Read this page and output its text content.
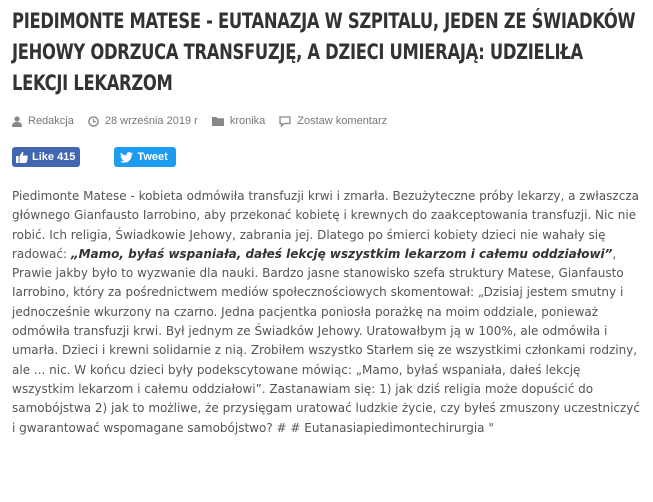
PIEDIMONTE MATESE - EUTANAZJA W SZPITALU, JEDEN ZE ŚWIADKÓW JEHOWY ODRZUCA TRANSFUZJĘ, A DZIECI UMIERAJĄ: UDZIELIŁA LEKCJI LEKARZOM
Redakcja	28 września 2019 r	kronika	Zostaw komentarz
Like 415	Tweet

Piedimonte Matese - kobieta odmówiła transfuzji krwi i zmarła. Bezużyteczne próby lekarzy, a zwłaszcza głównego Gianfausto Iarrobino, aby przekonać kobietę i krewnych do zaakceptowania transfuzji. Nic nie robić. Ich religia, Świadkowie Jehowy, zabrania jej. Dlatego po śmierci kobiety dzieci nie wahały się radować: „Mamo, byłaś wspaniała, dałeś lekcję wszystkim lekarzom i całemu oddziałowi”, Prawie jakby było to wyzwanie dla nauki. Bardzo jasne stanowisko szefa struktury Matese, Gianfausto Iarrobino, który za pośrednictwem mediów społecznościowych skomentował: „Dzisiaj jestem smutny i jednocześnie wkurzony na czarno. Jedna pacjentka poniosła porażkę na moim oddziale, ponieważ odmówiła transfuzji krwi. Był jednym ze Świadków Jehowy. Uratowałbym ją w 100%, ale odmówiła i umarła. Dzieci i krewni solidarnie z nią. Zrobiłem wszystko Starłem się ze wszystkimi członkami rodziny, ale ... nic. W końcu dzieci były podekscytowane mówiąc: „Mamo, byłaś wspaniała, dałeś lekcję wszystkim lekarzom i całemu oddziałowi”. Zastanawiam się: 1) jak dziś religia może dopuścić do samobójstwa 2) jak to możliwe, że przysięgam uratować ludzkie życie, czy byłeś zmuszony uczestniczyć i gwarantować wspomagane samobójstwo? # # Eutanasiapiedimontechirurgia "
